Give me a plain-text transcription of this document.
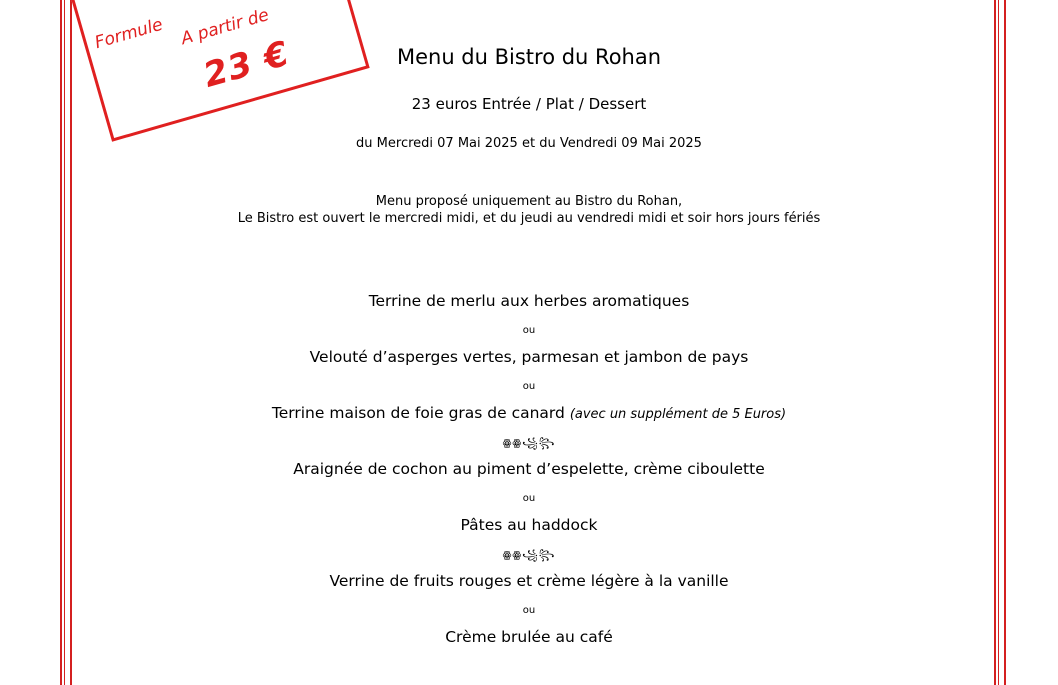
Formule A partir de
23 €	Menu du Bistro du Rohan
23 euros Entrée / Plat / Dessert
du Mercredi 07 Mai 2025 et du Vendredi 09 Mai 2025
Menu proposé uniquement au Bistro du Rohan,
Le Bistro est ouvert le mercredi midi, et du jeudi au vendredi midi et soir hors jours fériés
Terrine de merlu aux herbes aromatiques
ou
Velouté d’asperges vertes, parmesan et jambon de pays
ou
Terrine maison de foie gras de canard (avec un supplément de 5 Euros)
ꙮꙮ꧁꧂
Araignée de cochon au piment d’espelette, crème ciboulette
ou
Pâtes au haddock
ꙮꙮ꧁꧂
Verrine de fruits rouges et crème légère à la vanille
ou
Crème brulée au café
